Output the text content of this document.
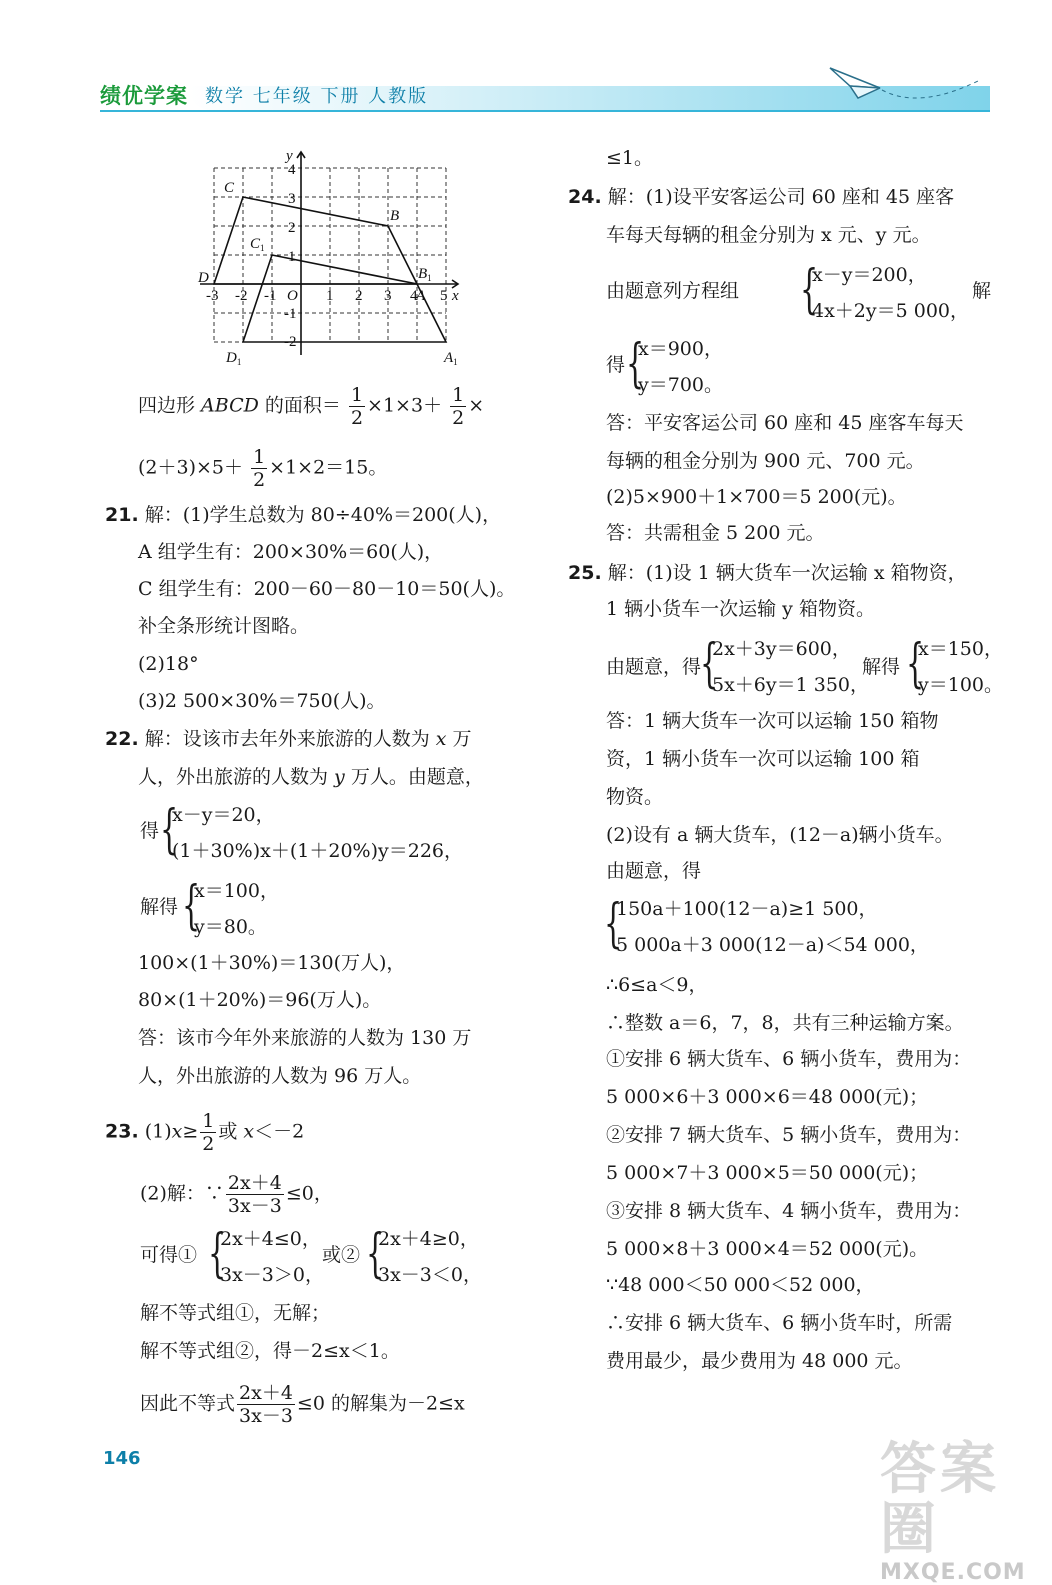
绩优学案 数学 七年级 下册 人教版
y
x
O
-3 -2 -1	1 2 3 4 5
4
3
2
1
-1
-2
C
B
D
A
$C_1$
$B_1$
$D_1$	$A_1$
四边形 ABCD 的面积＝ $\frac{1}{2} \times 1\times 3+ \frac{1}{2}$ ×
$(2+3)\times 5+ \frac{1}{2} \times 1\times 2=15$。
21. 解：(1)学生总数为 80÷40%＝200(人)，
A 组学生有：200×30%＝60(人)，
C 组学生有：200－60－80－10＝50(人)。
补全条形统计图略。
(2)18°
(3)2 500×30%＝750(人)。
22. 解：设该市去年外来旅游的人数为 x 万
人，外出旅游的人数为 y 万人。由题意，
得 {
x－y＝20，
(1＋30%)x＋(1＋20%)y＝226，
解得 {
x＝100，
y＝80。
100×(1＋30%)＝130(万人)，
80×(1＋20%)＝96(万人)。
答：该市今年外来旅游的人数为 130 万
人，外出旅游的人数为 96 万人。
23. $(1)x\ge \frac{1}{2}$ 或 x＜－2
(2)解：∵ $\frac{2x+4}{3x-3} \le 0$，
可得① {
2x＋4≤0，
3x－3＞0，
或② {
2x＋4≥0，
3x－3＜0，
解不等式组①，无解；
解不等式组②，得－2≤x＜1。
因此不等式 $\frac{2x+4}{3x-3} \le 0$ 的解集为－2≤x
≤1。
24. 解：(1)设平安客运公司 60 座和 45 座客
车每天每辆的租金分别为 x 元、y 元。
由题意列方程组 {
x－y＝200，
4x＋2y＝5 000，
解
得 {
x＝900，
y＝700。
答：平安客运公司 60 座和 45 座客车每天
每辆的租金分别为 900 元、700 元。
(2)5×900＋1×700＝5 200(元)。
答：共需租金 5 200 元。
25. 解：(1)设 1 辆大货车一次运输 x 箱物资，
1 辆小货车一次运输 y 箱物资。
由题意，得
{
2x＋3y＝600，
5x＋6y＝1 350，
解得 {
x＝150，
y＝100。
答：1 辆大货车一次可以运输 150 箱物
资，1 辆小货车一次可以运输 100 箱
物资。
(2)设有 a 辆大货车，(12－a)辆小货车。
由题意，得
{
150a＋100(12－a)≥1 500，
5 000a＋3 000(12－a)＜54 000，
∴6≤a＜9，
∴整数 a＝6，7，8，共有三种运输方案。
①安排 6 辆大货车、6 辆小货车，费用为：
5 000×6＋3 000×6＝48 000(元)；
②安排 7 辆大货车、5 辆小货车，费用为：
5 000×7＋3 000×5＝50 000(元)；
③安排 8 辆大货车、4 辆小货车，费用为：
5 000×8＋3 000×4＝52 000(元)。
∵48 000＜50 000＜52 000，
∴安排 6 辆大货车、6 辆小货车时，所需
费用最少，最少费用为 48 000 元。
146	答案圈
MXQE.COM
